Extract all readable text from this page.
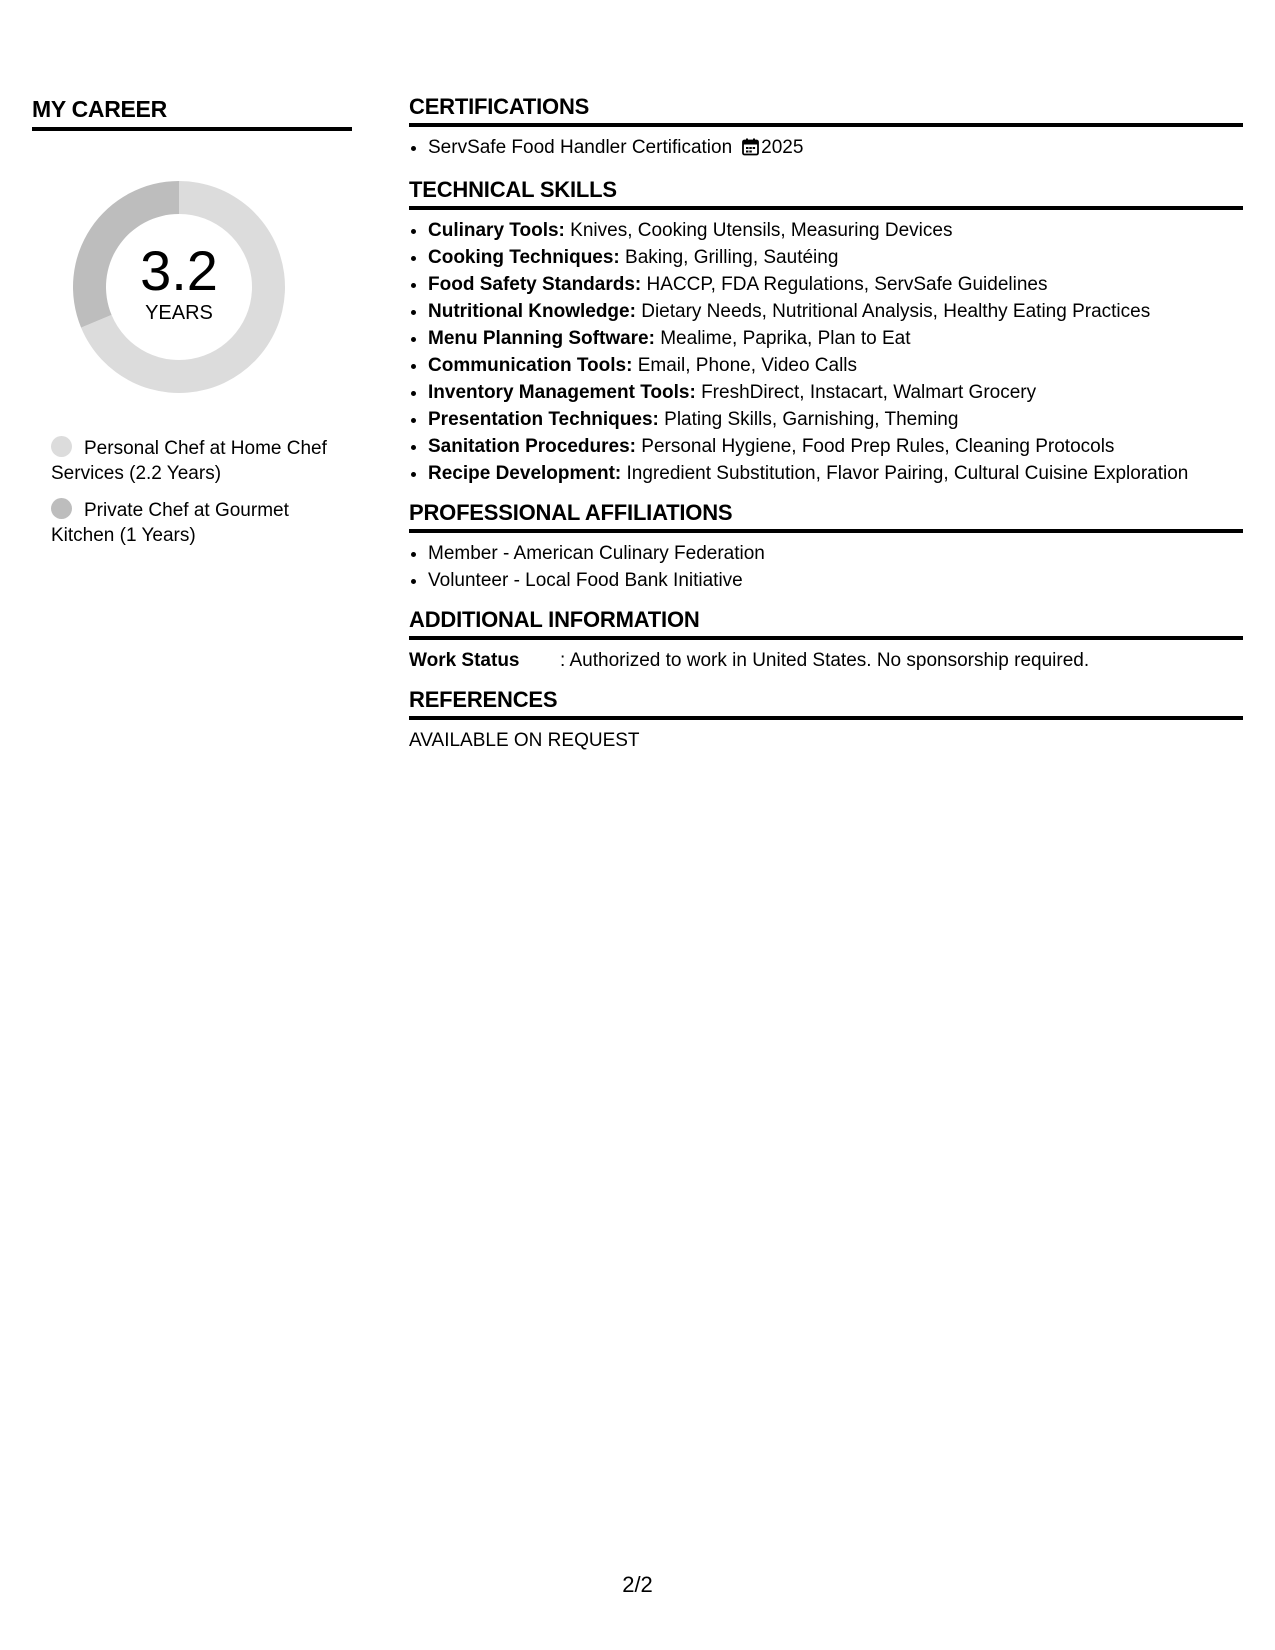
MY CAREER
3.2
YEARS
Personal Chef at Home Chef Services (2.2 Years)
Private Chef at Gourmet Kitchen (1 Years)
CERTIFICATIONS
• ServSafe Food Handler Certification 2025
TECHNICAL SKILLS
• Culinary Tools: Knives, Cooking Utensils, Measuring Devices
• Cooking Techniques: Baking, Grilling, Sautéing
• Food Safety Standards: HACCP, FDA Regulations, ServSafe Guidelines
• Nutritional Knowledge: Dietary Needs, Nutritional Analysis, Healthy Eating Practices
• Menu Planning Software: Mealime, Paprika, Plan to Eat
• Communication Tools: Email, Phone, Video Calls
• Inventory Management Tools: FreshDirect, Instacart, Walmart Grocery
• Presentation Techniques: Plating Skills, Garnishing, Theming
• Sanitation Procedures: Personal Hygiene, Food Prep Rules, Cleaning Protocols
• Recipe Development: Ingredient Substitution, Flavor Pairing, Cultural Cuisine Exploration
PROFESSIONAL AFFILIATIONS
• Member - American Culinary Federation
• Volunteer - Local Food Bank Initiative
ADDITIONAL INFORMATION
Work Status	: Authorized to work in United States. No sponsorship required.
REFERENCES
AVAILABLE ON REQUEST
2/2
